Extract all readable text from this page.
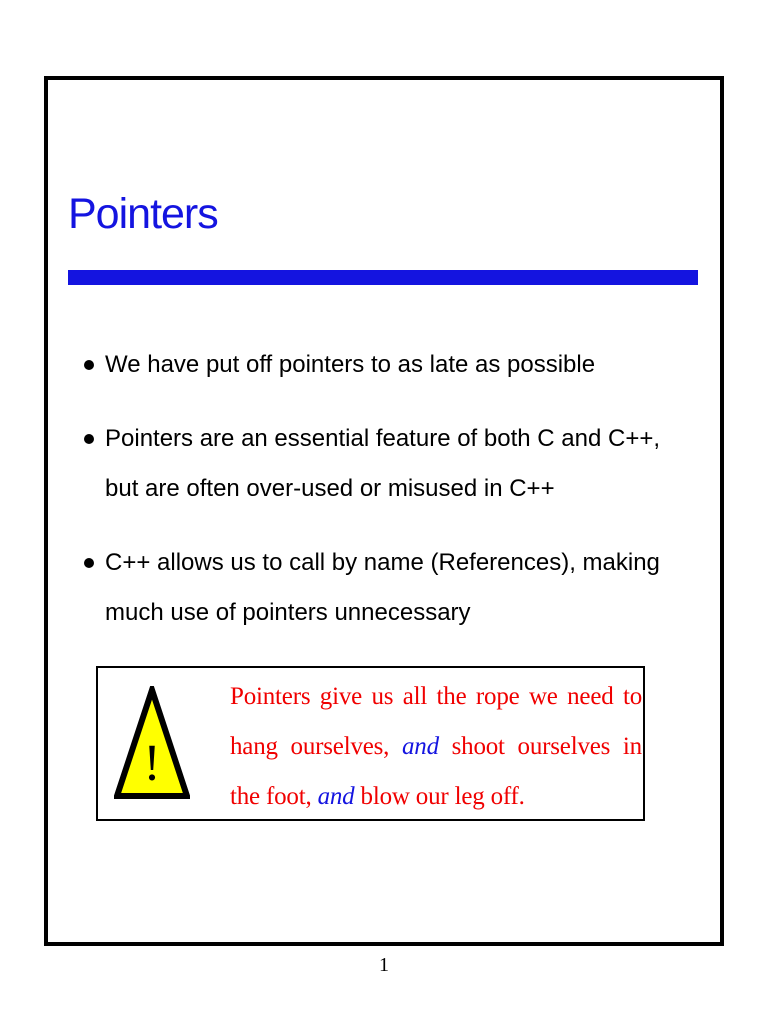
Pointers
We have put off pointers to as late as possible
Pointers are an essential feature of both C and C++, but are often over-used or misused in C++
C++ allows us to call by name (References), making much use of pointers unnecessary
!

Pointers give us all the rope we need to hang ourselves, and shoot ourselves in the foot, and blow our leg off.

1
